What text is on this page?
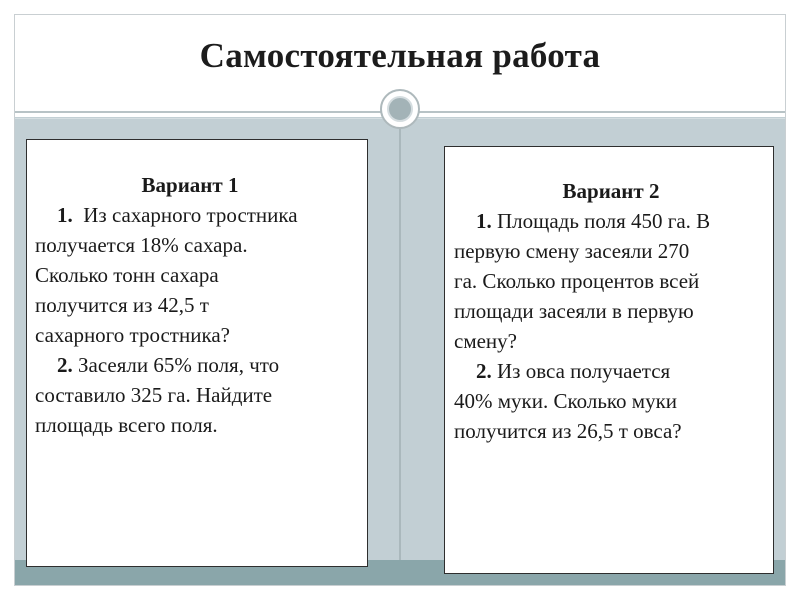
Самостоятельная работа
Вариант 1
1.  Из сахарного тростника
получается 18% сахара.
Сколько тонн сахара
получится из 42,5 т
сахарного тростника?
2. Засеяли 65% поля, что
составило 325 га. Найдите
площадь всего поля.
Вариант 2
1. Площадь поля 450 га. В
первую смену засеяли 270
га. Сколько процентов всей
площади засеяли в первую
смену?
2. Из овса получается
40% муки. Сколько муки
получится из 26,5 т овса?
